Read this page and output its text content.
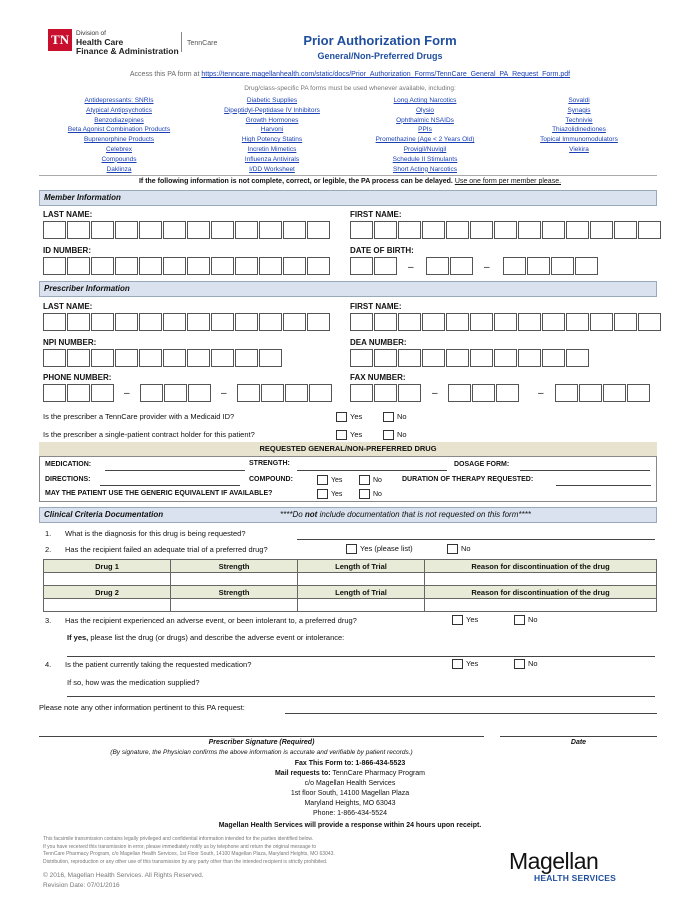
TN	Division of
Health Care
Finance & Administration
TennCare	Prior Authorization Form
General/Non-Preferred Drugs
Access this PA form at https://tenncare.magellanhealth.com/static/docs/Prior_Authorization_Forms/TennCare_General_PA_Request_Form.pdf
Drug/class-specific PA forms must be used whenever available, including:
Antidepressants: SNRIs
Atypical Antipsychotics
Benzodiazepines
Beta Agonist Combination Products
Buprenorphine Products
Celebrex
Compounds
Daklinza
Diabetic Supplies
Dipeptidyl-Peptidase IV Inhibitors
Growth Hormones
Harvoni
High Potency Statins
Incretin Mimetics
Influenza Antivirals
I/DD Worksheet
Long Acting Narcotics
Olysio
Ophthalmic NSAIDs
PPIs
Promethazine (Age < 2 Years Old)
Provigil/Nuvigil
Schedule II Stimulants
Short Acting Narcotics
Sovaldi
Synagis
Technivie
Thiazolidinediones
Topical Immunomodulators
Viekira
If the following information is not complete, correct, or legible, the PA process can be delayed. Use one form per member please.
Member Information
LAST NAME:	FIRST NAME:
ID NUMBER:	DATE OF BIRTH:
–	–
Prescriber Information
LAST NAME:	FIRST NAME:
NPI NUMBER:	DEA NUMBER:
PHONE NUMBER:	FAX NUMBER:
–	–	–	–
Is the prescriber a TennCare provider with a Medicaid ID?	Yes	No
Is the prescriber a single-patient contract holder for this patient?	Yes	No
REQUESTED GENERAL/NON-PREFERRED DRUG
MEDICATION:	STRENGTH:	DOSAGE FORM:
DIRECTIONS:	COMPOUND:	Yes	No	DURATION OF THERAPY REQUESTED:
MAY THE PATIENT USE THE GENERIC EQUIVALENT IF AVAILABLE?	Yes	No
Clinical Criteria Documentation	****Do not include documentation that is not requested on this form****
1. What is the diagnosis for this drug is being requested?
2. Has the recipient failed an adequate trial of a preferred drug?	Yes (please list)	No
Drug 1	Strength	Length of Trial	Reason for discontinuation of the drug

Drug 2	Strength	Length of Trial	Reason for discontinuation of the drug

3. Has the recipient experienced an adverse event, or been intolerant to, a preferred drug?	Yes	No
If yes, please list the drug (or drugs) and describe the adverse event or intolerance:
4. Is the patient currently taking the requested medication?	Yes	No
If so, how was the medication supplied?
Please note any other information pertinent to this PA request:
Prescriber Signature (Required)	Date
(By signature, the Physician confirms the above information is accurate and verifiable by patient records.)
Fax This Form to: 1-866-434-5523
Mail requests to: TennCare Pharmacy Program
c/o Magellan Health Services
1st floor South, 14100 Magellan Plaza
Maryland Heights, MO 63043
Phone: 1-866-434-5524
Magellan Health Services will provide a response within 24 hours upon receipt.
This facsimile transmission contains legally privileged and confidential information intended for the parties identified below.
If you have received this transmission in error, please immediately notify us by telephone and return the original message to
TennCare Pharmacy Program, c/o Magellan Health Services, 1st Floor South, 14100 Magellan Plaza, Maryland Heights, MO 63043.
Distribution, reproduction or any other use of this transmission by any party other than the intended recipient is strictly prohibited.
© 2016, Magellan Health Services. All Rights Reserved.
Revision Date: 07/01/2016
Magellan
HEALTH SERVICES
